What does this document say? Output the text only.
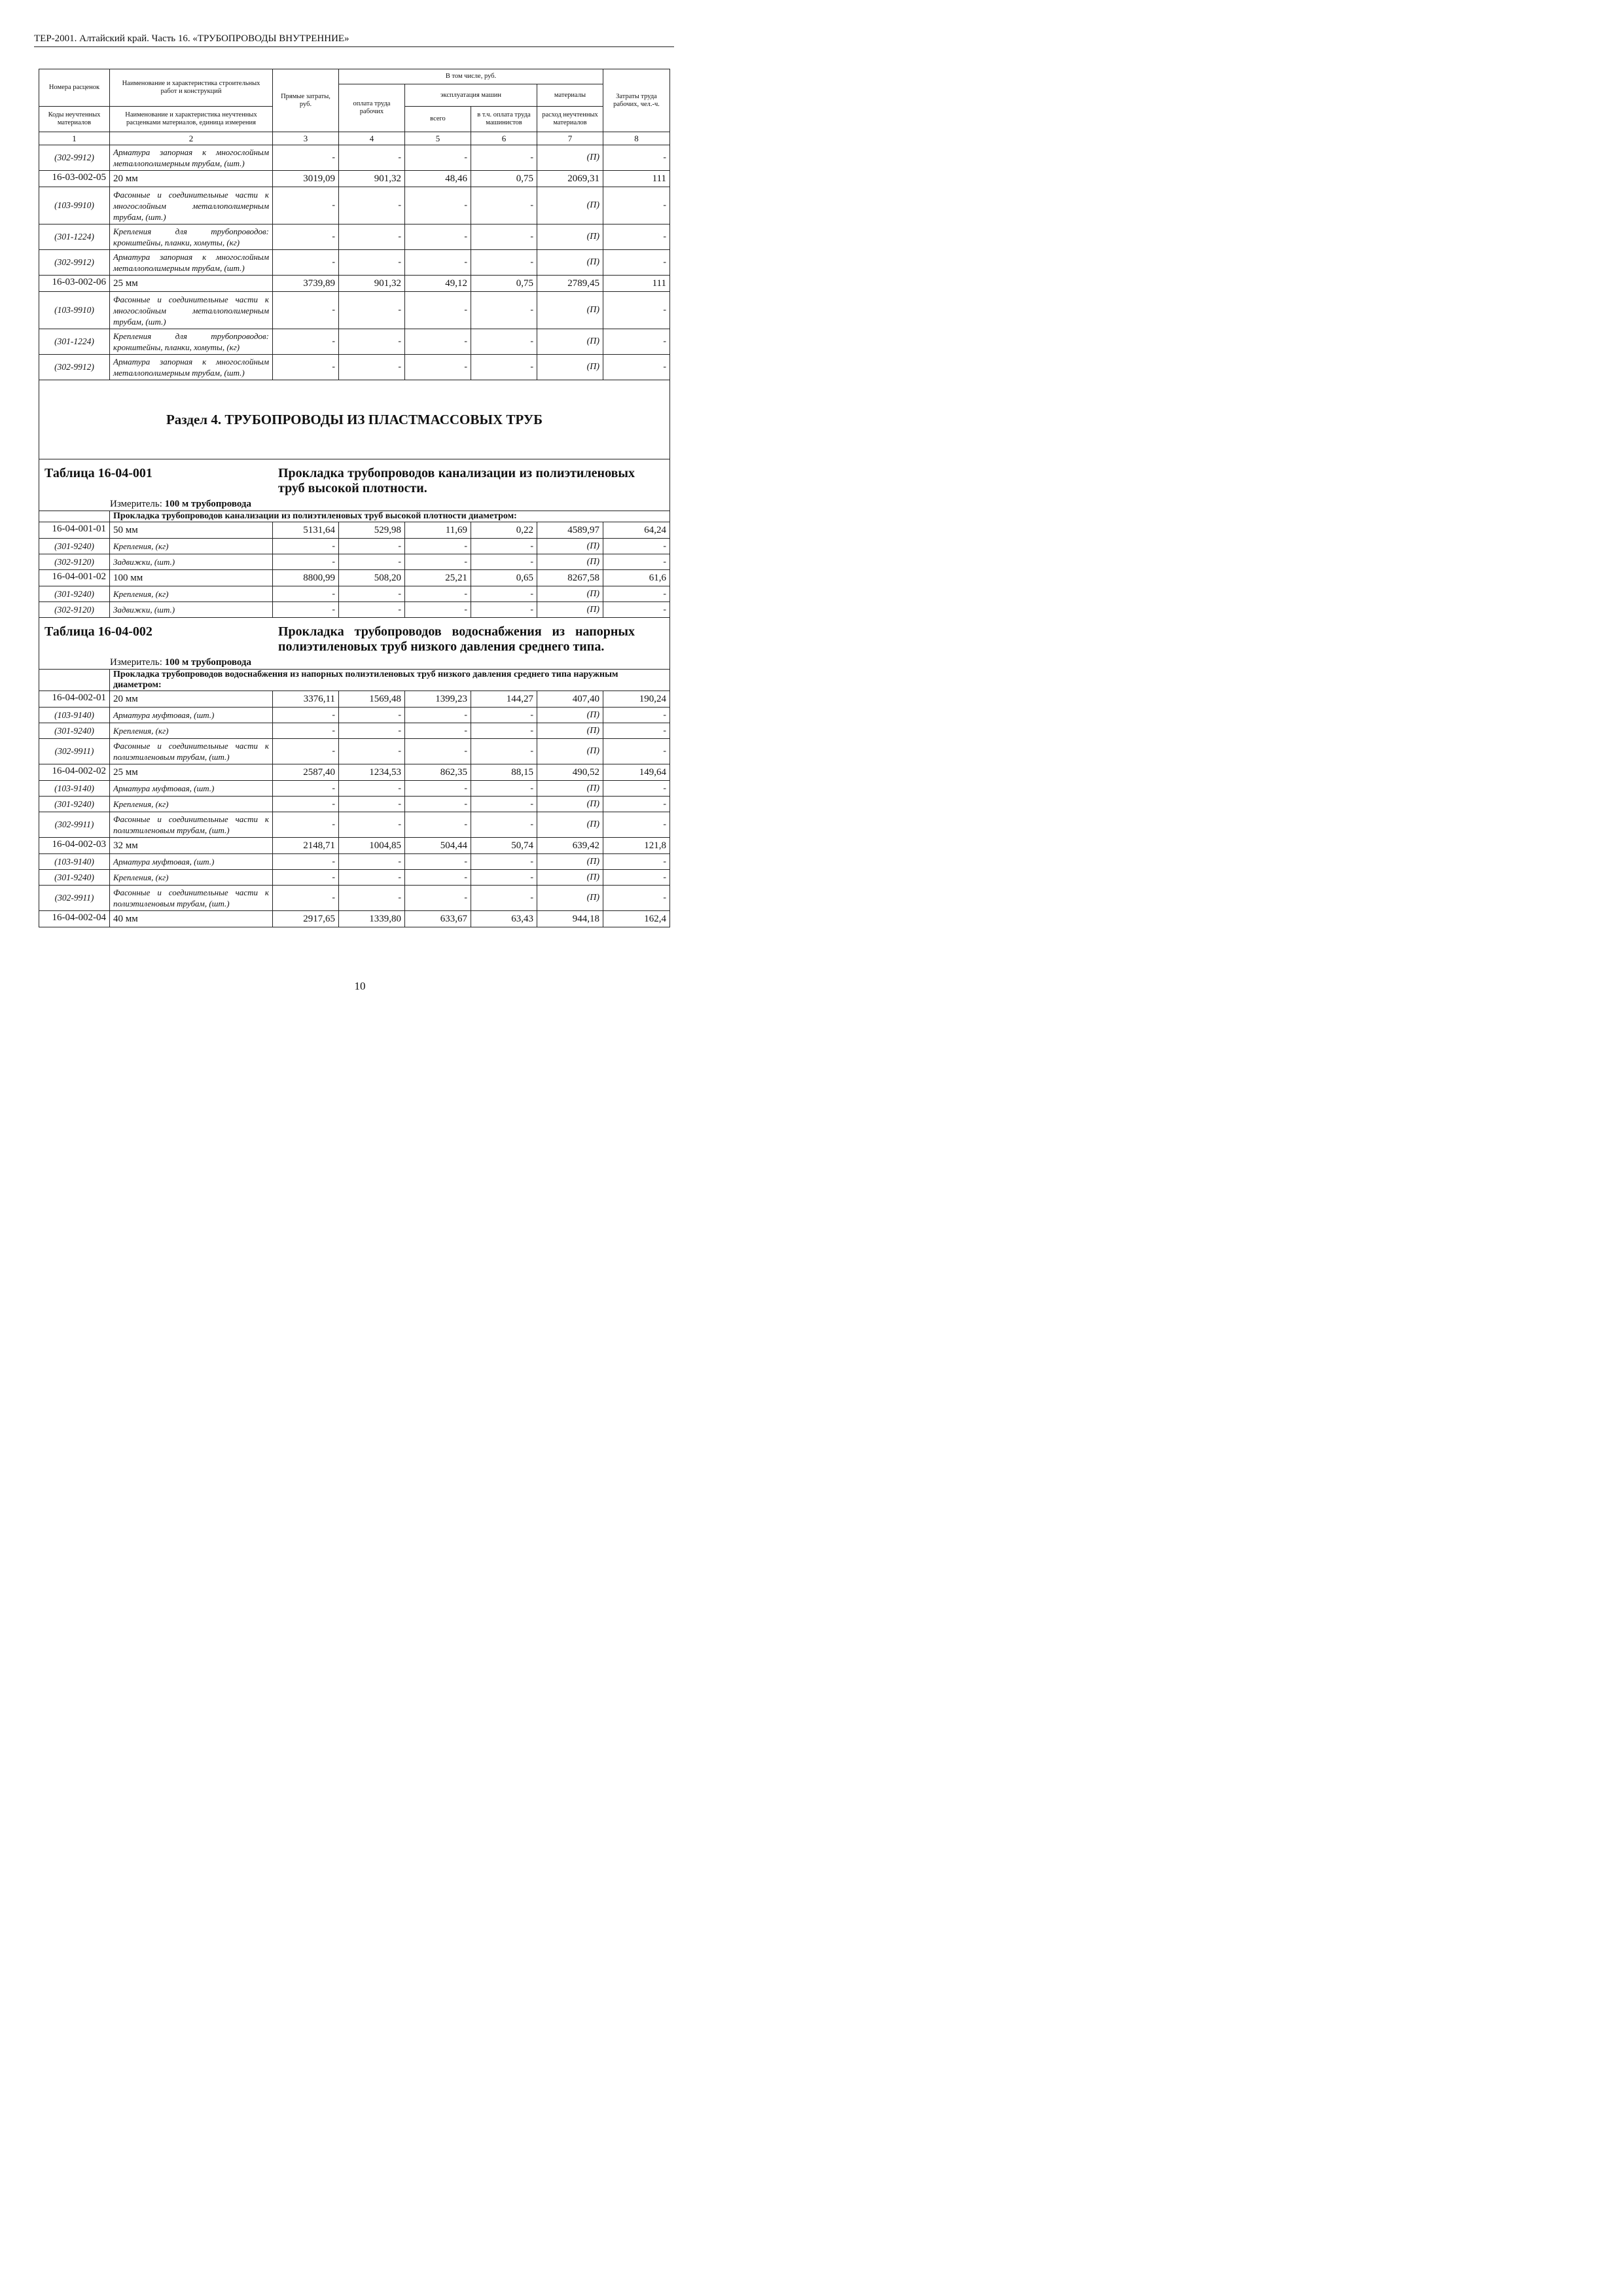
ТЕР-2001. Алтайский край. Часть 16. «ТРУБОПРОВОДЫ ВНУТРЕННИЕ»
Номера расценок	Наименование и характеристика строительных работ и конструкций	Прямые затраты, руб.	В том числе, руб.				Затраты труда рабочих, чел.-ч.
			оплата труда рабочих	эксплуатация машин		материалы	
Коды неучтенных материалов	Наименование и характеристика неучтенных расценками материалов, единица измерения			всего	в т.ч. оплата труда машинистов	расход неучтенных материалов	
1	2	3	4	5	6	7	8
(302-9912)	Арматура запорная к многослойным металлополимерным трубам, (шт.)	-	-	-	-	(П)	-
16-03-002-05	20 мм	3019,09	901,32	48,46	0,75	2069,31	111
(103-9910)	Фасонные и соединительные части к многослойным металлополимерным трубам, (шт.)	-	-	-	-	(П)	-
(301-1224)	Крепления для трубопроводов: кронштейны, планки, хомуты, (кг)	-	-	-	-	(П)	-
(302-9912)	Арматура запорная к многослойным металлополимерным трубам, (шт.)	-	-	-	-	(П)	-
16-03-002-06	25 мм	3739,89	901,32	49,12	0,75	2789,45	111
(103-9910)	Фасонные и соединительные части к многослойным металлополимерным трубам, (шт.)	-	-	-	-	(П)	-
(301-1224)	Крепления для трубопроводов: кронштейны, планки, хомуты, (кг)	-	-	-	-	(П)	-
(302-9912)	Арматура запорная к многослойным металлополимерным трубам, (шт.)	-	-	-	-	(П)	-
Раздел 4. ТРУБОПРОВОДЫ ИЗ ПЛАСТМАССОВЫХ ТРУБ							

Таблица 16-04-001 Прокладка трубопроводов канализации из полиэтиленовых труб высокой плотности.
Измеритель: 100 м трубопровода							

	Прокладка трубопроводов канализации из полиэтиленовых труб высокой плотности диаметром:						
16-04-001-01	50 мм	5131,64	529,98	11,69	0,22	4589,97	64,24
(301-9240)	Крепления, (кг)	-	-	-	-	(П)	-
(302-9120)	Задвижки, (шт.)	-	-	-	-	(П)	-
16-04-001-02	100 мм	8800,99	508,20	25,21	0,65	8267,58	61,6
(301-9240)	Крепления, (кг)	-	-	-	-	(П)	-
(302-9120)	Задвижки, (шт.)	-	-	-	-	(П)	-

Таблица 16-04-002 Прокладка трубопроводов водоснабжения из напорных полиэтиленовых труб низкого давления среднего типа.
Измеритель: 100 м трубопровода							

	Прокладка трубопроводов водоснабжения из напорных полиэтиленовых труб низкого давления среднего типа наружным диаметром:						
16-04-002-01	20 мм	3376,11	1569,48	1399,23	144,27	407,40	190,24
(103-9140)	Арматура муфтовая, (шт.)	-	-	-	-	(П)	-
(301-9240)	Крепления, (кг)	-	-	-	-	(П)	-
(302-9911)	Фасонные и соединительные части к полиэтиленовым трубам, (шт.)	-	-	-	-	(П)	-
16-04-002-02	25 мм	2587,40	1234,53	862,35	88,15	490,52	149,64
(103-9140)	Арматура муфтовая, (шт.)	-	-	-	-	(П)	-
(301-9240)	Крепления, (кг)	-	-	-	-	(П)	-
(302-9911)	Фасонные и соединительные части к полиэтиленовым трубам, (шт.)	-	-	-	-	(П)	-
16-04-002-03	32 мм	2148,71	1004,85	504,44	50,74	639,42	121,8
(103-9140)	Арматура муфтовая, (шт.)	-	-	-	-	(П)	-
(301-9240)	Крепления, (кг)	-	-	-	-	(П)	-
(302-9911)	Фасонные и соединительные части к полиэтиленовым трубам, (шт.)	-	-	-	-	(П)	-
16-04-002-04	40 мм	2917,65	1339,80	633,67	63,43	944,18	162,4
10
